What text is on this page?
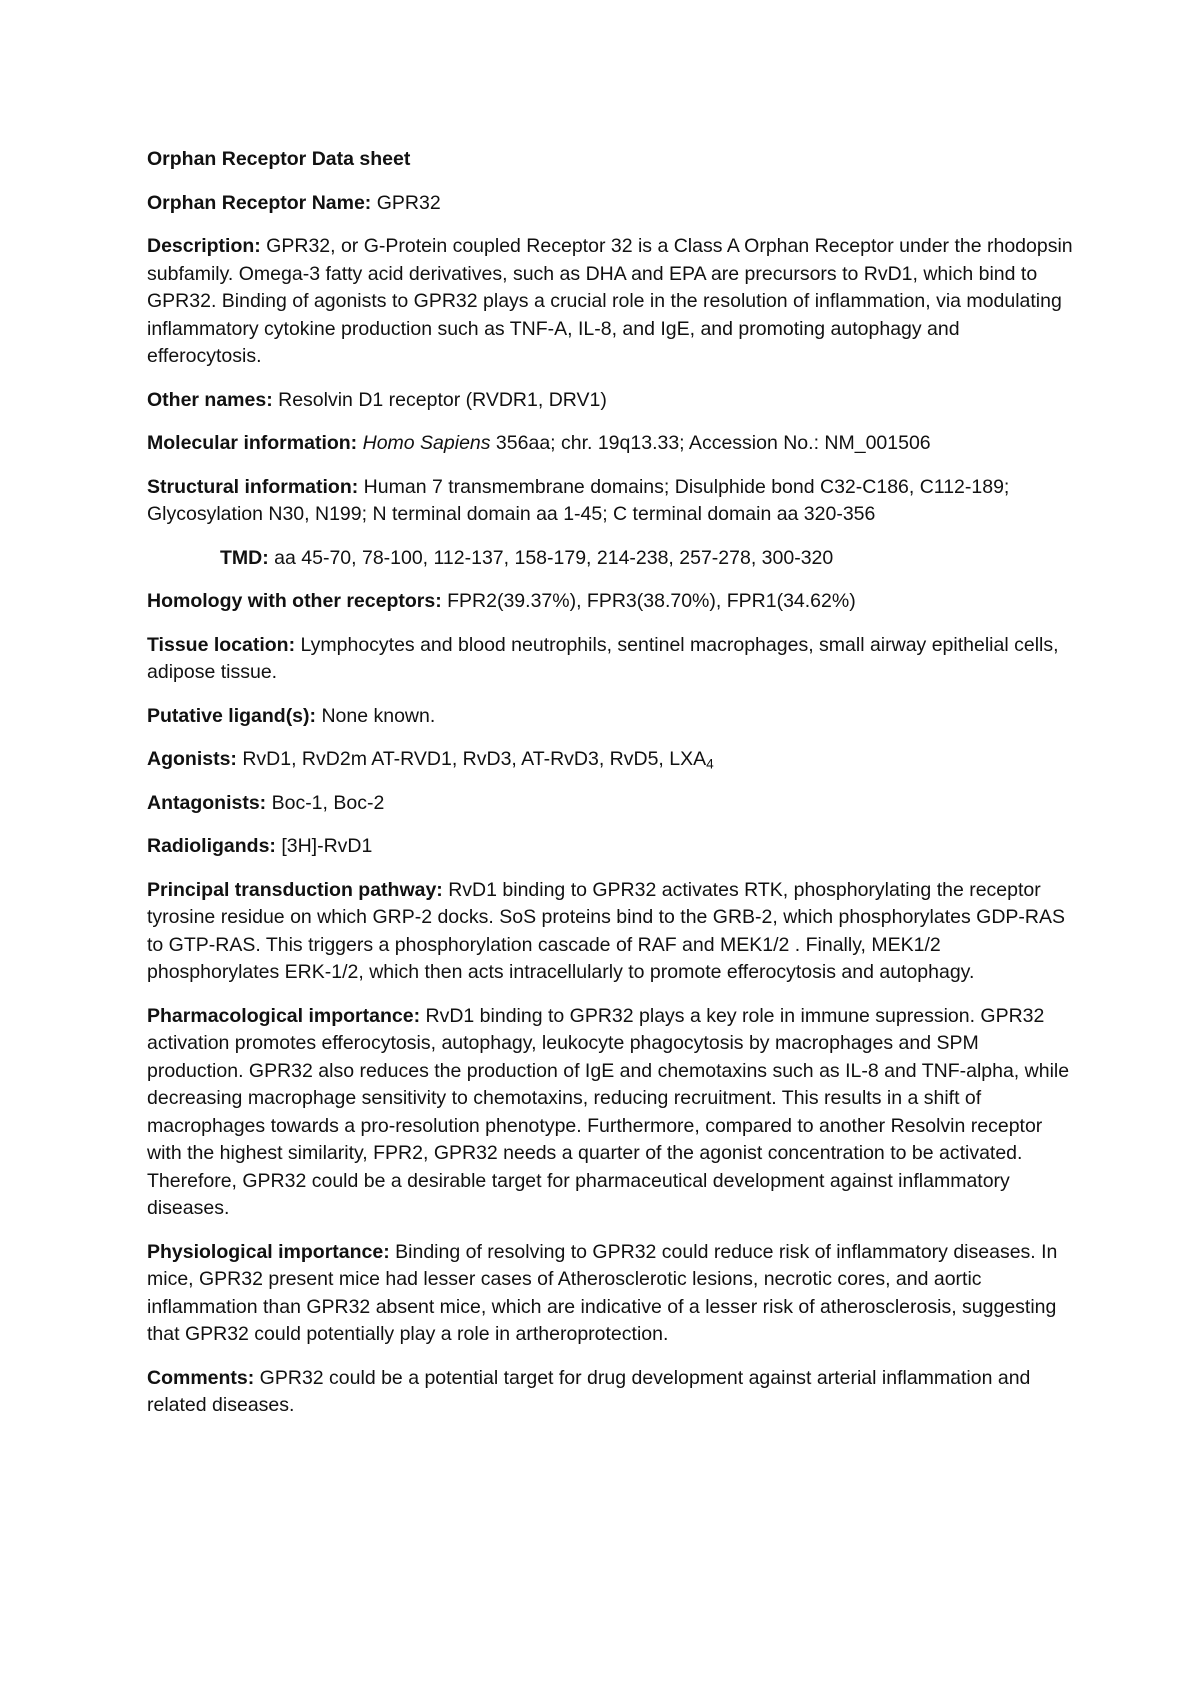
Orphan Receptor Data sheet

Orphan Receptor Name: GPR32

Description: GPR32, or G-Protein coupled Receptor 32 is a Class A Orphan Receptor under the rhodopsin subfamily. Omega-3 fatty acid derivatives, such as DHA and EPA are precursors to RvD1, which bind to GPR32. Binding of agonists to GPR32 plays a crucial role in the resolution of inflammation, via modulating inflammatory cytokine production such as TNF-A, IL-8, and IgE, and promoting autophagy and efferocytosis.

Other names: Resolvin D1 receptor (RVDR1, DRV1)

Molecular information: Homo Sapiens 356aa; chr. 19q13.33; Accession No.: NM_001506

Structural information: Human 7 transmembrane domains; Disulphide bond C32-C186, C112-189; Glycosylation N30, N199; N terminal domain aa 1-45; C terminal domain aa 320-356

TMD: aa 45-70, 78-100, 112-137, 158-179, 214-238, 257-278, 300-320

Homology with other receptors: FPR2(39.37%), FPR3(38.70%), FPR1(34.62%)

Tissue location: Lymphocytes and blood neutrophils, sentinel macrophages, small airway epithelial cells, adipose tissue.

Putative ligand(s): None known.

Agonists: RvD1, RvD2m AT-RVD1, RvD3, AT-RvD3, RvD5, $LXA_4$

Antagonists: Boc-1, Boc-2

Radioligands: [3H]-RvD1

Principal transduction pathway: RvD1 binding to GPR32 activates RTK, phosphorylating the receptor tyrosine residue on which GRP-2 docks. SoS proteins bind to the GRB-2, which phosphorylates GDP-RAS to GTP-RAS. This triggers a phosphorylation cascade of RAF and MEK1/2 . Finally, MEK1/2 phosphorylates ERK-1/2, which then acts intracellularly to promote efferocytosis and autophagy.

Pharmacological importance: RvD1 binding to GPR32 plays a key role in immune supression. GPR32 activation promotes efferocytosis, autophagy, leukocyte phagocytosis by macrophages and SPM production. GPR32 also reduces the production of IgE and chemotaxins such as IL-8 and TNF-alpha, while decreasing macrophage sensitivity to chemotaxins, reducing recruitment. This results in a shift of macrophages towards a pro-resolution phenotype. Furthermore, compared to another Resolvin receptor with the highest similarity, FPR2, GPR32 needs a quarter of the agonist concentration to be activated. Therefore, GPR32 could be a desirable target for pharmaceutical development against inflammatory diseases.

Physiological importance: Binding of resolving to GPR32 could reduce risk of inflammatory diseases. In mice, GPR32 present mice had lesser cases of Atherosclerotic lesions, necrotic cores, and aortic inflammation than GPR32 absent mice, which are indicative of a lesser risk of atherosclerosis, suggesting that GPR32 could potentially play a role in artheroprotection.

Comments: GPR32 could be a potential target for drug development against arterial inflammation and related diseases.
